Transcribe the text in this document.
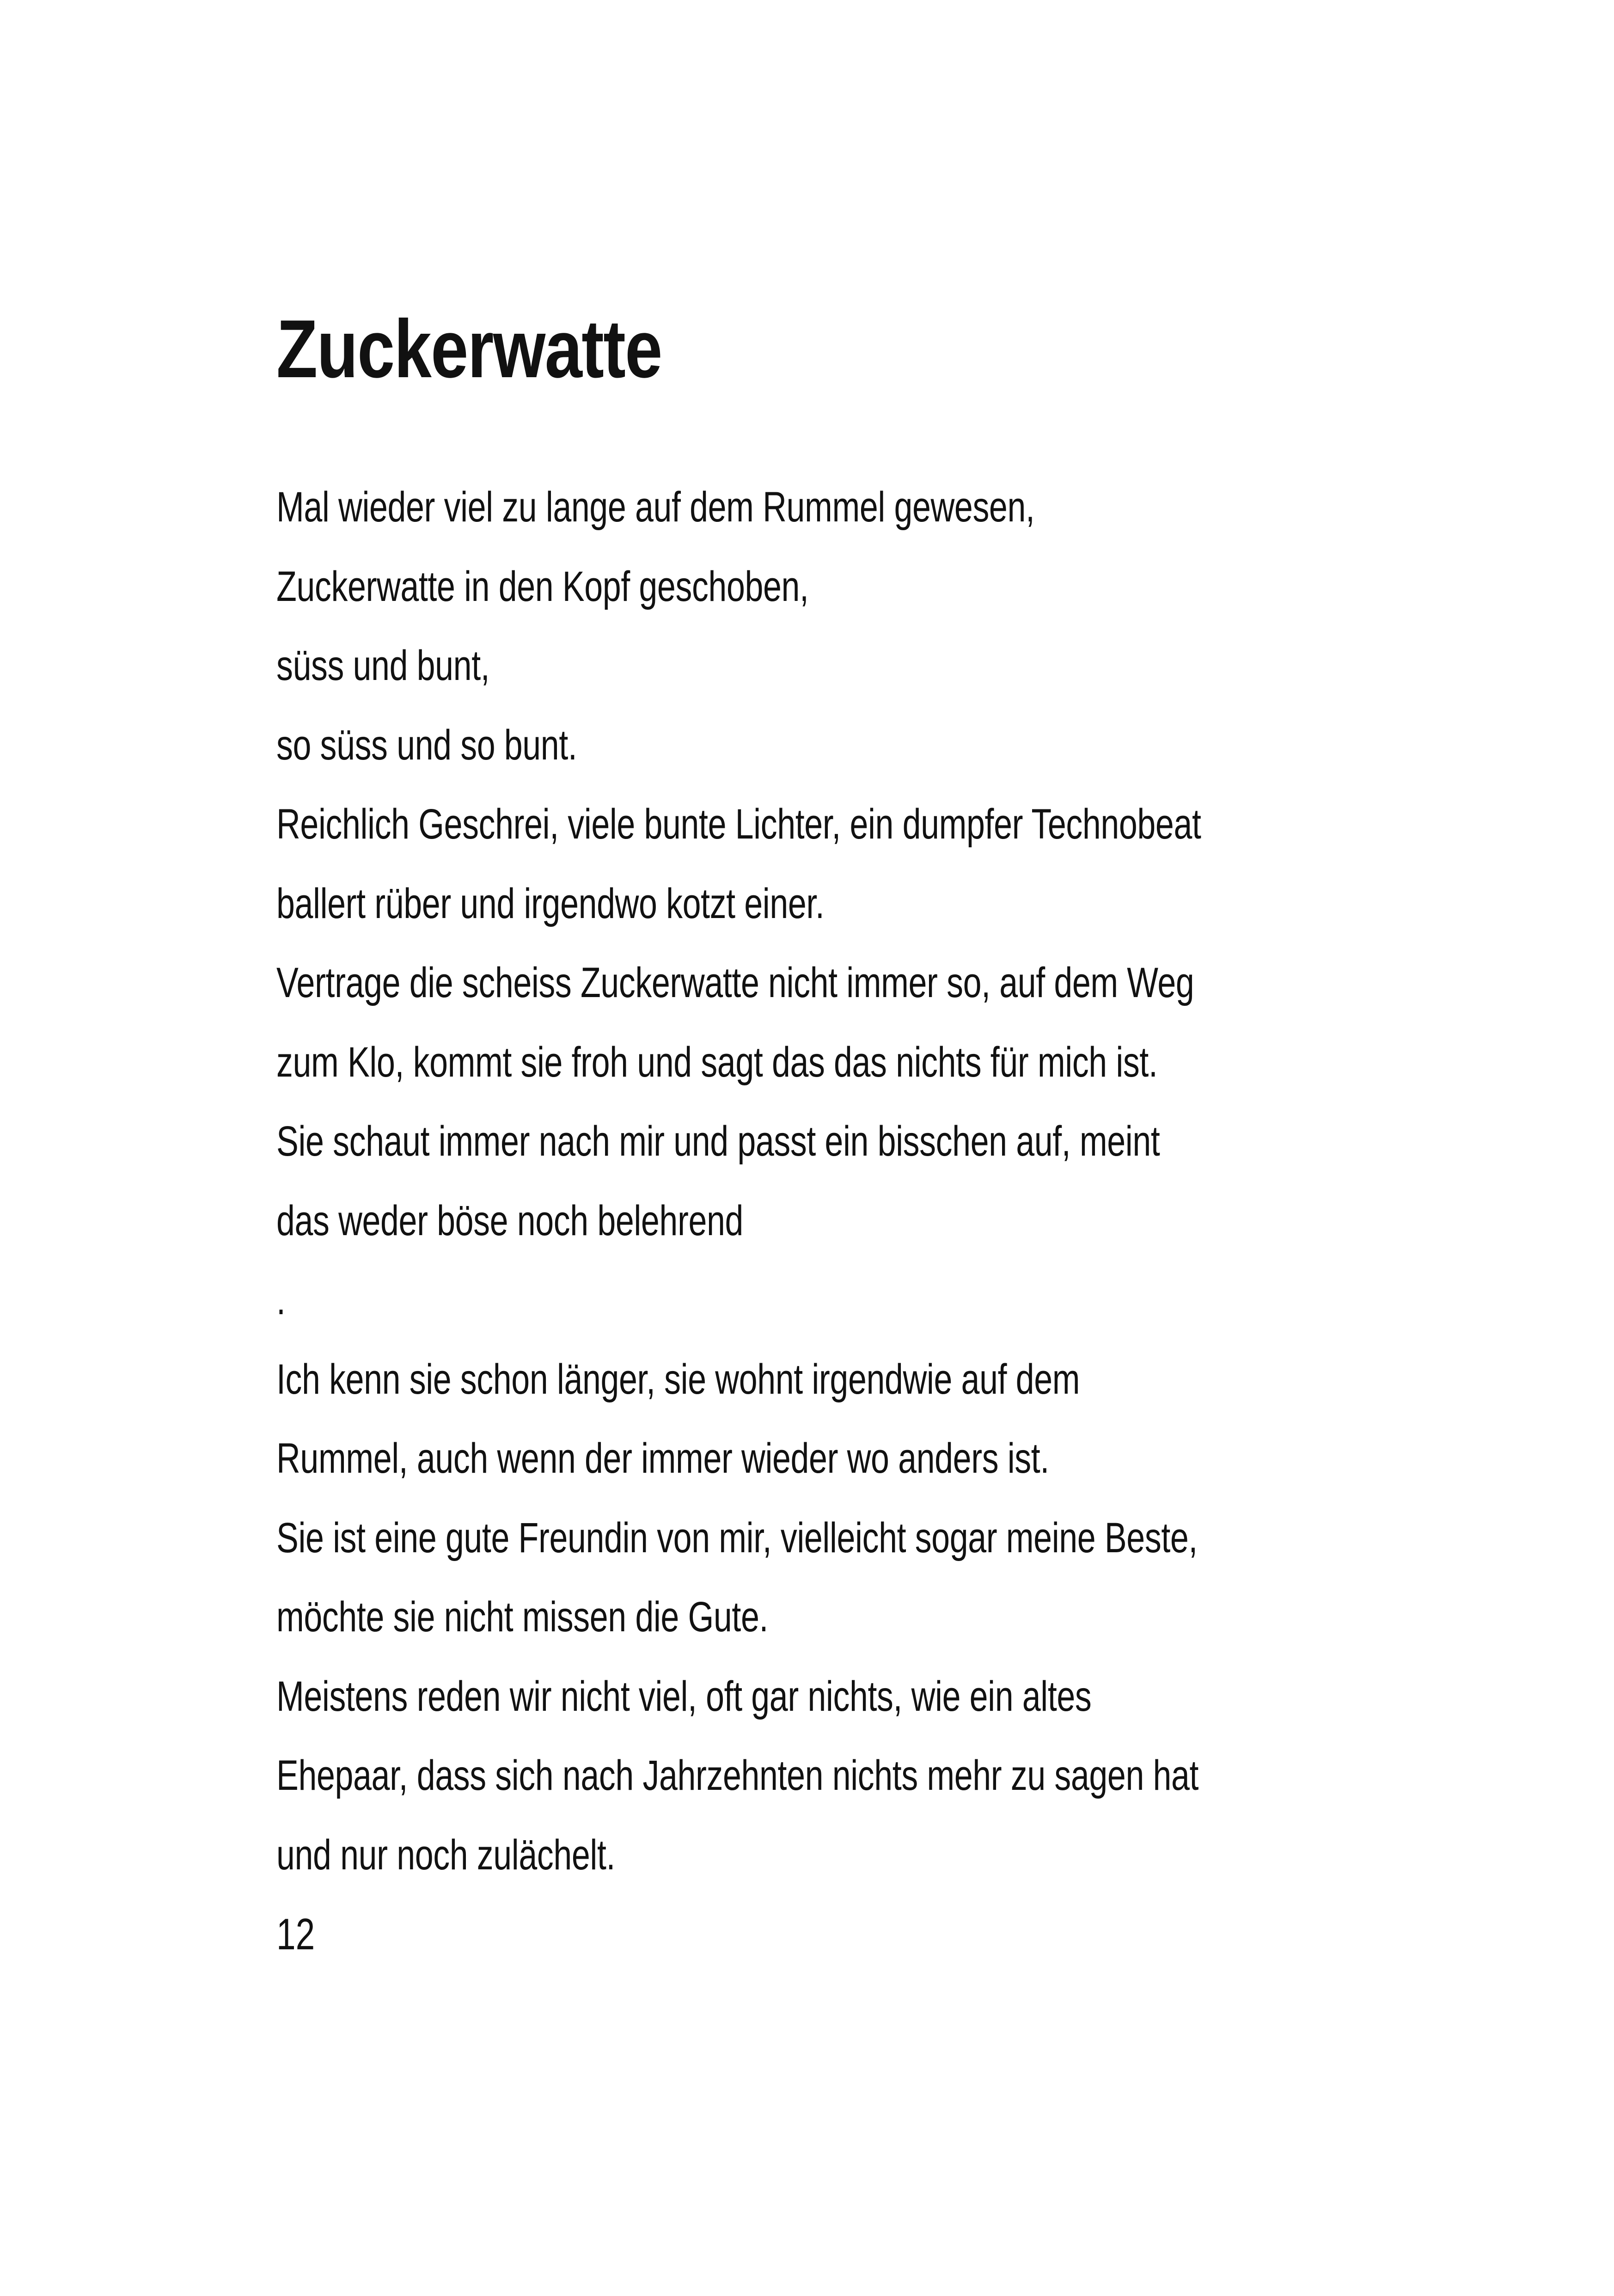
Zuckerwatte
Mal wieder viel zu lange auf dem Rummel gewesen,
Zuckerwatte in den Kopf geschoben,
süss und bunt,
so süss und so bunt.
Reichlich Geschrei, viele bunte Lichter, ein dumpfer Technobeat
ballert rüber und irgendwo kotzt einer.
Vertrage die scheiss Zuckerwatte nicht immer so, auf dem Weg
zum Klo, kommt sie froh und sagt das das nichts für mich ist.
Sie schaut immer nach mir und passt ein bisschen auf, meint
das weder böse noch belehrend
.
Ich kenn sie schon länger, sie wohnt irgendwie auf dem
Rummel, auch wenn der immer wieder wo anders ist.
Sie ist eine gute Freundin von mir, vielleicht sogar meine Beste,
möchte sie nicht missen die Gute.
Meistens reden wir nicht viel, oft gar nichts, wie ein altes
Ehepaar, dass sich nach Jahrzehnten nichts mehr zu sagen hat
und nur noch zulächelt.
12
